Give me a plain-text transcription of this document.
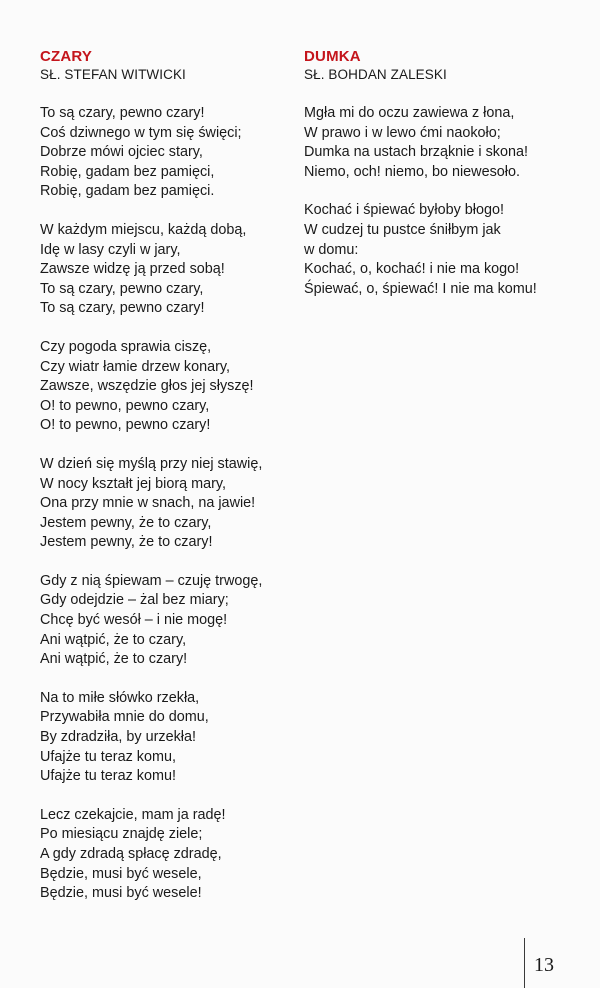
CZARY
SŁ. STEFAN WITWICKI
To są czary, pewno czary!
Coś dziwnego w tym się święci;
Dobrze mówi ojciec stary,
Robię, gadam bez pamięci,
Robię, gadam bez pamięci.
W każdym miejscu, każdą dobą,
Idę w lasy czyli w jary,
Zawsze widzę ją przed sobą!
To są czary, pewno czary,
To są czary, pewno czary!
Czy pogoda sprawia ciszę,
Czy wiatr łamie drzew konary,
Zawsze, wszędzie głos jej słyszę!
O! to pewno, pewno czary,
O! to pewno, pewno czary!
W dzień się myślą przy niej stawię,
W nocy kształt jej biorą mary,
Ona przy mnie w snach, na jawie!
Jestem pewny, że to czary,
Jestem pewny, że to czary!
Gdy z nią śpiewam – czuję trwogę,
Gdy odejdzie – żal bez miary;
Chcę być wesół – i nie mogę!
Ani wątpić, że to czary,
Ani wątpić, że to czary!
Na to miłe słówko rzekła,
Przywabiła mnie do domu,
By zdradziła, by urzekła!
Ufajże tu teraz komu,
Ufajże tu teraz komu!
Lecz czekajcie, mam ja radę!
Po miesiącu znajdę ziele;
A gdy zdradą spłacę zdradę,
Będzie, musi być wesele,
Będzie, musi być wesele!
DUMKA
SŁ. BOHDAN ZALESKI
Mgła mi do oczu zawiewa z łona,
W prawo i w lewo ćmi naokoło;
Dumka na ustach brząknie i skona!
Niemo, och! niemo, bo niewesoło.
Kochać i śpiewać byłoby błogo!
W cudzej tu pustce śniłbym jak
w domu:
Kochać, o, kochać! i nie ma kogo!
Śpiewać, o, śpiewać! I nie ma komu!
13
